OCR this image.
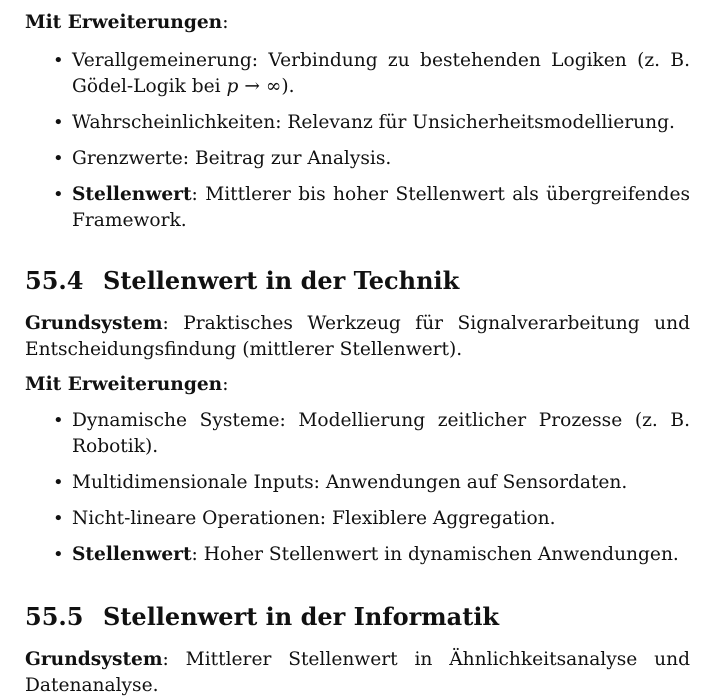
Mit Erweiterungen:
• Verallgemeinerung: Verbindung zu bestehenden Logiken (z. B. Gödel-Logik bei p → ∞).
• Wahrscheinlichkeiten: Relevanz für Unsicherheitsmodellierung.
• Grenzwerte: Beitrag zur Analysis.
• Stellenwert: Mittlerer bis hoher Stellenwert als übergreifendes Framework.
55.4 Stellenwert in der Technik
Grundsystem: Praktisches Werkzeug für Signalverarbeitung und Entscheidungsfindung (mittlerer Stellenwert).
Mit Erweiterungen:
• Dynamische Systeme: Modellierung zeitlicher Prozesse (z. B. Robotik).
• Multidimensionale Inputs: Anwendungen auf Sensordaten.
• Nicht-lineare Operationen: Flexiblere Aggregation.
• Stellenwert: Hoher Stellenwert in dynamischen Anwendungen.
55.5 Stellenwert in der Informatik
Grundsystem: Mittlerer Stellenwert in Ähnlichkeitsanalyse und Datenanalyse.
